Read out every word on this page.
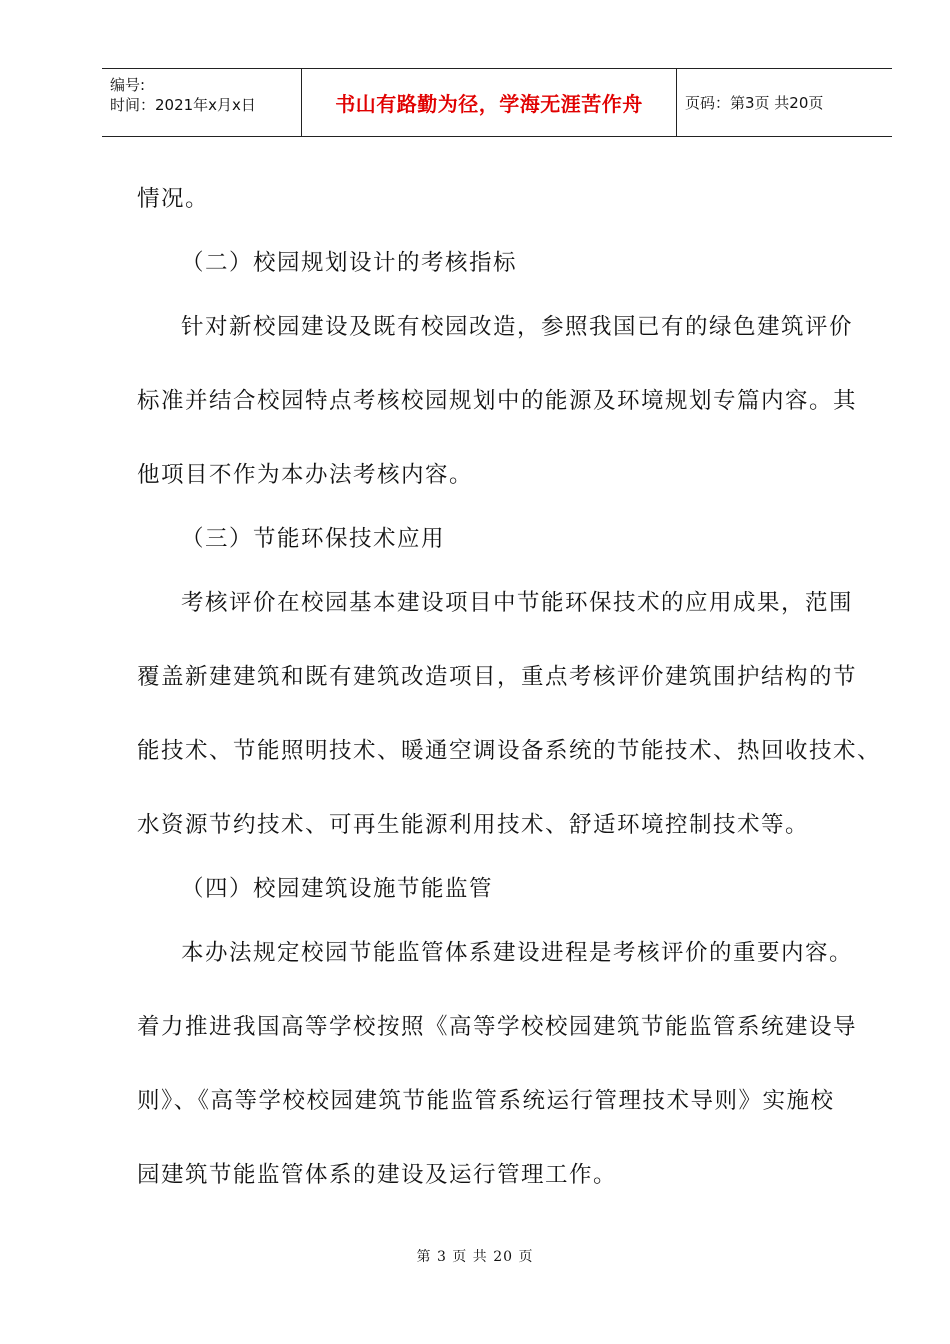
编号:
时间：2021年x月x日	书山有路勤为径，学海无涯苦作舟	页码：第3页 共20页
情况。
（二）校园规划设计的考核指标
针对新校园建设及既有校园改造，参照我国已有的绿色建筑评价
标准并结合校园特点考核校园规划中的能源及环境规划专篇内容。其
他项目不作为本办法考核内容。
（三）节能环保技术应用
考核评价在校园基本建设项目中节能环保技术的应用成果，范围
覆盖新建建筑和既有建筑改造项目，重点考核评价建筑围护结构的节
能技术、节能照明技术、暖通空调设备系统的节能技术、热回收技术、
水资源节约技术、可再生能源利用技术、舒适环境控制技术等。
（四）校园建筑设施节能监管
本办法规定校园节能监管体系建设进程是考核评价的重要内容。
着力推进我国高等学校按照《高等学校校园建筑节能监管系统建设导
则》、《高等学校校园建筑节能监管系统运行管理技术导则》实施校
园建筑节能监管体系的建设及运行管理工作。
第 3 页 共 20 页
